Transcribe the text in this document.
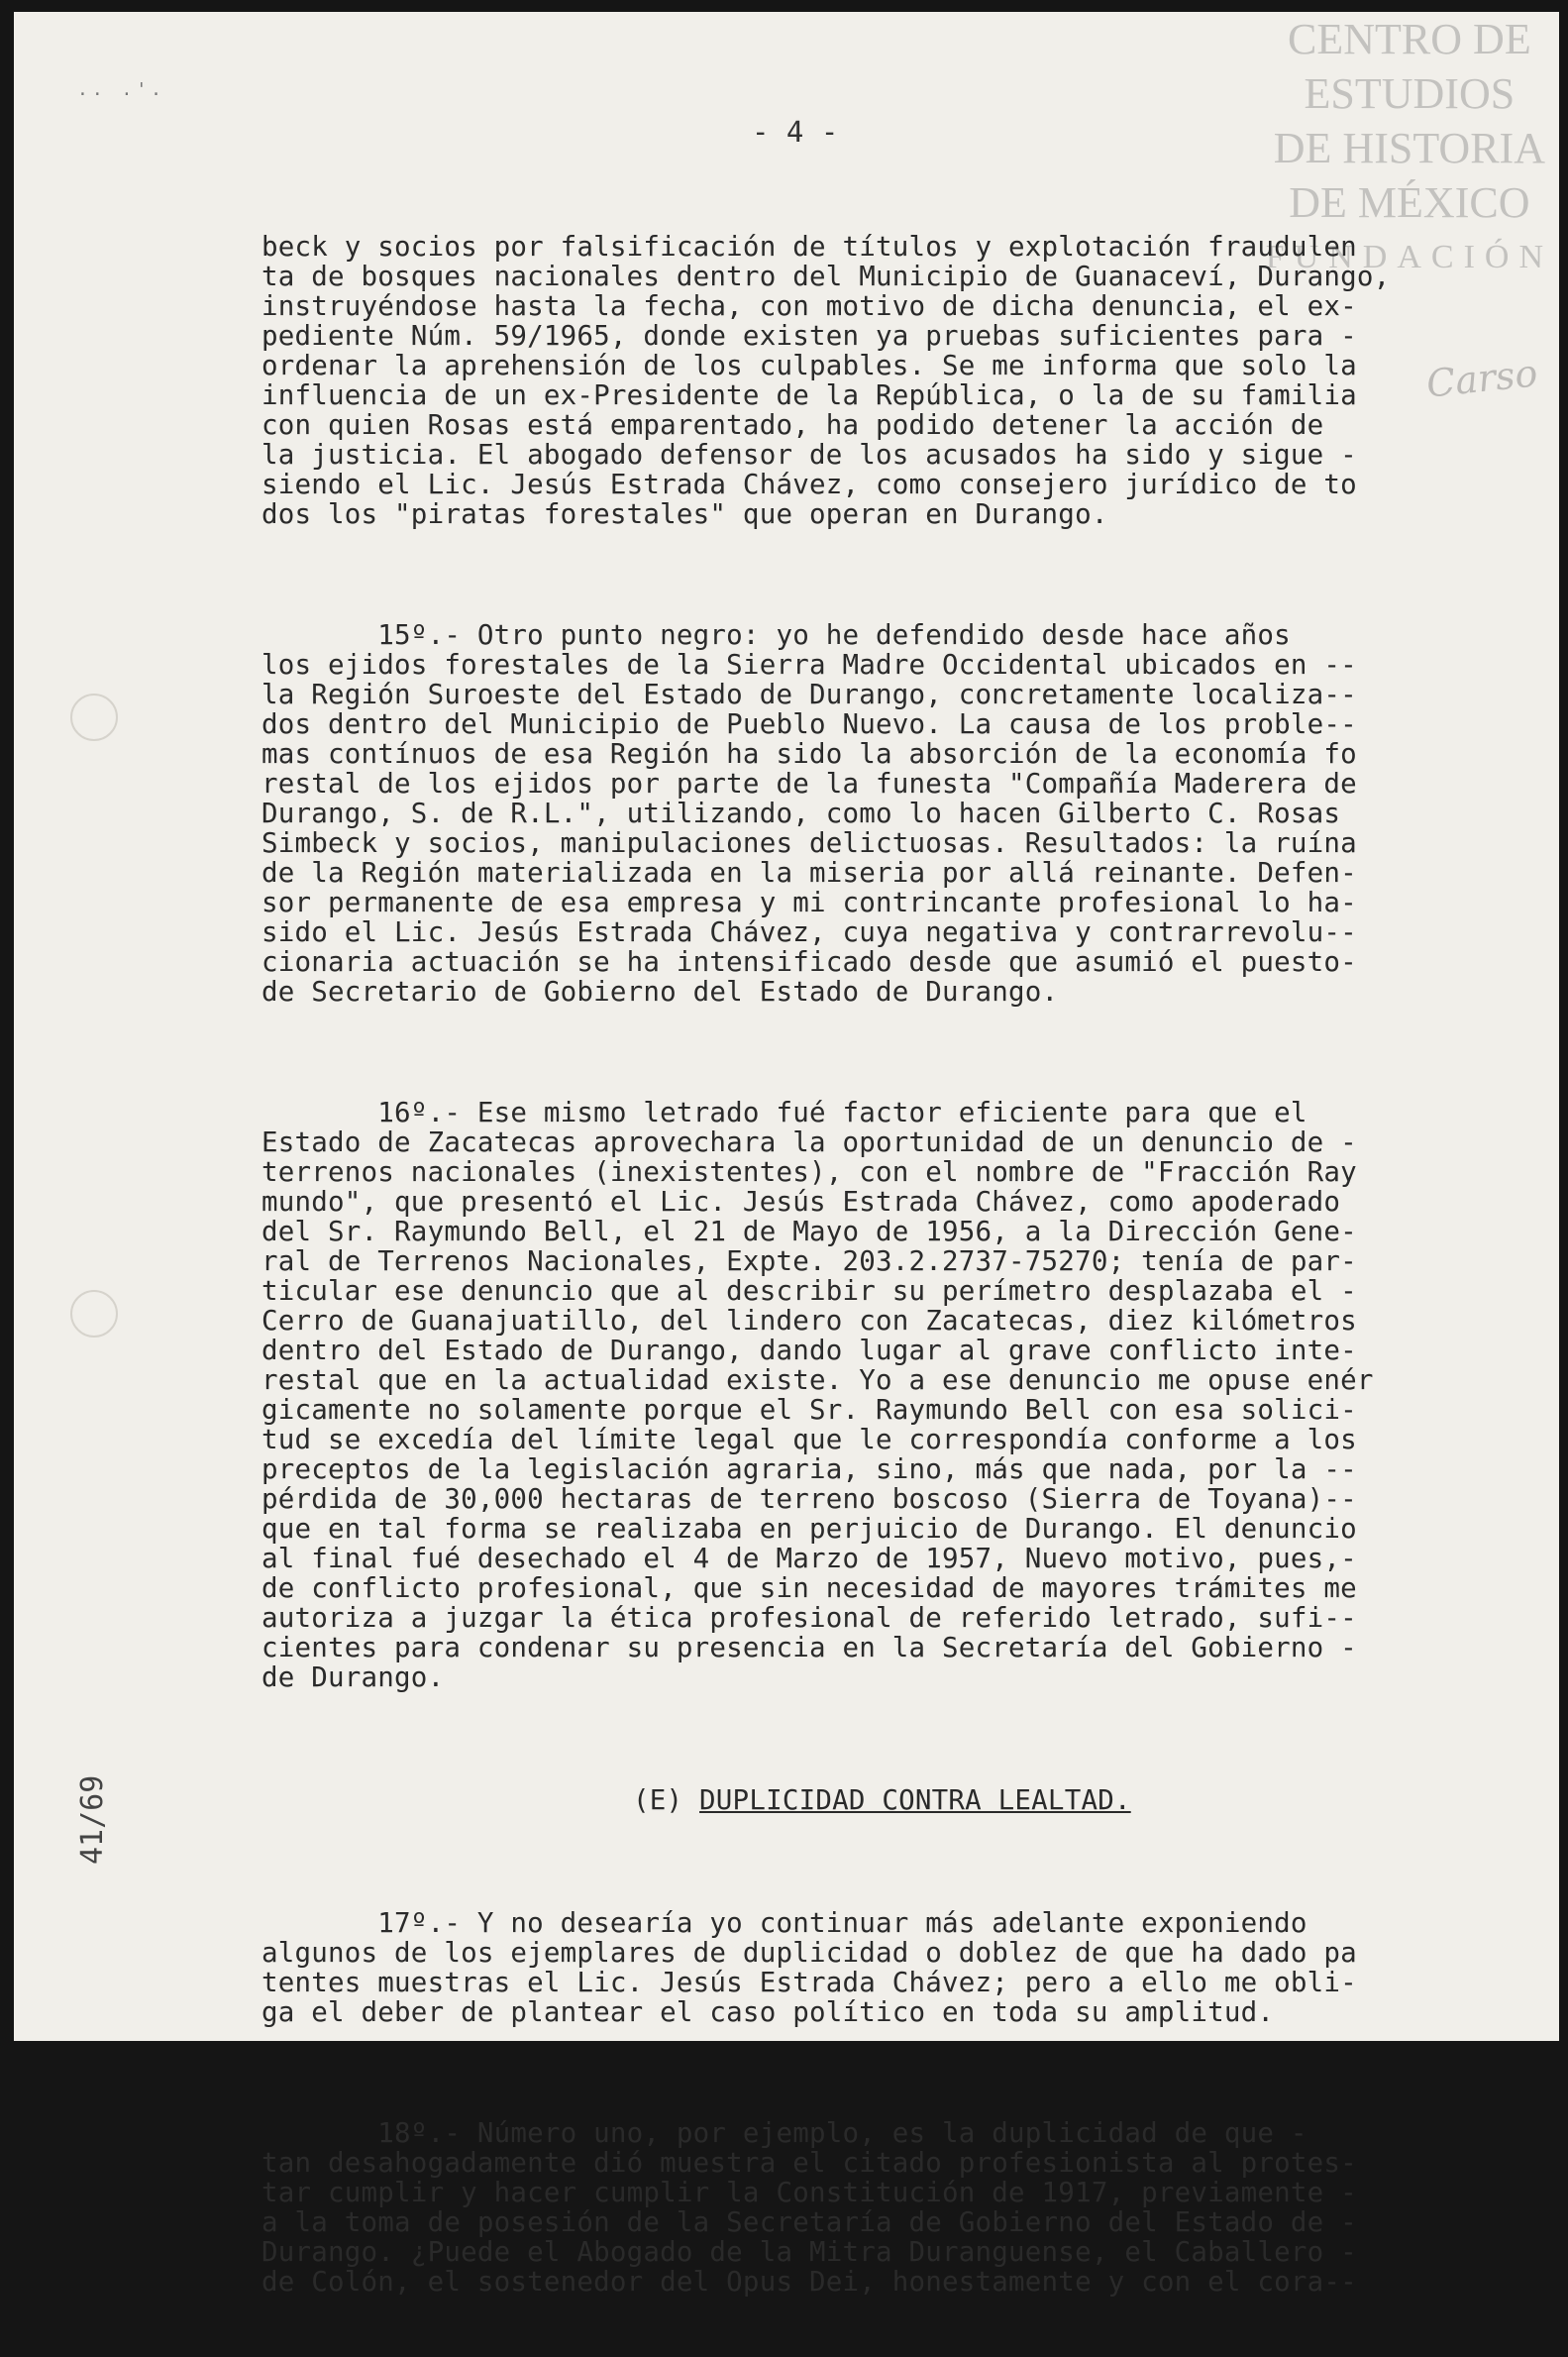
.. .'.
CENTRO DE
ESTUDIOS
DE HISTORIA
DE MÉXICO
FUNDACIÓN
Carso
- 4 -
41/69

beck y socios por falsificación de títulos y explotación fraudulen
ta de bosques nacionales dentro del Municipio de Guanaceví, Durango,
instruyéndose hasta la fecha, con motivo de dicha denuncia, el ex-
pediente Núm. 59/1965, donde existen ya pruebas suficientes para -
ordenar la aprehensión de los culpables. Se me informa que solo la
influencia de un ex-Presidente de la República, o la de su familia
con quien Rosas está emparentado, ha podido detener la acción de
la justicia. El abogado defensor de los acusados ha sido y sigue -
siendo el Lic. Jesús Estrada Chávez, como consejero jurídico de to
dos los "piratas forestales" que operan en Durango.

15º.- Otro punto negro: yo he defendido desde hace años
los ejidos forestales de la Sierra Madre Occidental ubicados en --
la Región Suroeste del Estado de Durango, concretamente localiza--
dos dentro del Municipio de Pueblo Nuevo. La causa de los proble--
mas contínuos de esa Región ha sido la absorción de la economía fo
restal de los ejidos por parte de la funesta "Compañía Maderera de
Durango, S. de R.L.", utilizando, como lo hacen Gilberto C. Rosas
Simbeck y socios, manipulaciones delictuosas. Resultados: la ruína
de la Región materializada en la miseria por allá reinante. Defen-
sor permanente de esa empresa y mi contrincante profesional lo ha-
sido el Lic. Jesús Estrada Chávez, cuya negativa y contrarrevolu--
cionaria actuación se ha intensificado desde que asumió el puesto-
de Secretario de Gobierno del Estado de Durango.

16º.- Ese mismo letrado fué factor eficiente para que el
Estado de Zacatecas aprovechara la oportunidad de un denuncio de -
terrenos nacionales (inexistentes), con el nombre de "Fracción Ray
mundo", que presentó el Lic. Jesús Estrada Chávez, como apoderado
del Sr. Raymundo Bell, el 21 de Mayo de 1956, a la Dirección Gene-
ral de Terrenos Nacionales, Expte. 203.2.2737-75270; tenía de par-
ticular ese denuncio que al describir su perímetro desplazaba el -
Cerro de Guanajuatillo, del lindero con Zacatecas, diez kilómetros
dentro del Estado de Durango, dando lugar al grave conflicto inte-
restal que en la actualidad existe. Yo a ese denuncio me opuse enér
gicamente no solamente porque el Sr. Raymundo Bell con esa solici-
tud se excedía del límite legal que le correspondía conforme a los
preceptos de la legislación agraria, sino, más que nada, por la --
pérdida de 30,000 hectaras de terreno boscoso (Sierra de Toyana)--
que en tal forma se realizaba en perjuicio de Durango. El denuncio
al final fué desechado el 4 de Marzo de 1957, Nuevo motivo, pues,-
de conflicto profesional, que sin necesidad de mayores trámites me
autoriza a juzgar la ética profesional de referido letrado, sufi--
cientes para condenar su presencia en la Secretaría del Gobierno -
de Durango.

(E) DUPLICIDAD CONTRA LEALTAD.

17º.- Y no desearía yo continuar más adelante exponiendo
algunos de los ejemplares de duplicidad o doblez de que ha dado pa
tentes muestras el Lic. Jesús Estrada Chávez; pero a ello me obli-
ga el deber de plantear el caso político en toda su amplitud.

18º.- Número uno, por ejemplo, es la duplicidad de que -
tan desahogadamente dió muestra el citado profesionista al protes-
tar cumplir y hacer cumplir la Constitución de 1917, previamente -
a la toma de posesión de la Secretaría de Gobierno del Estado de -
Durango. ¿Puede el Abogado de la Mitra Duranguense, el Caballero -
de Colón, el sostenedor del Opus Dei, honestamente y con el cora--
